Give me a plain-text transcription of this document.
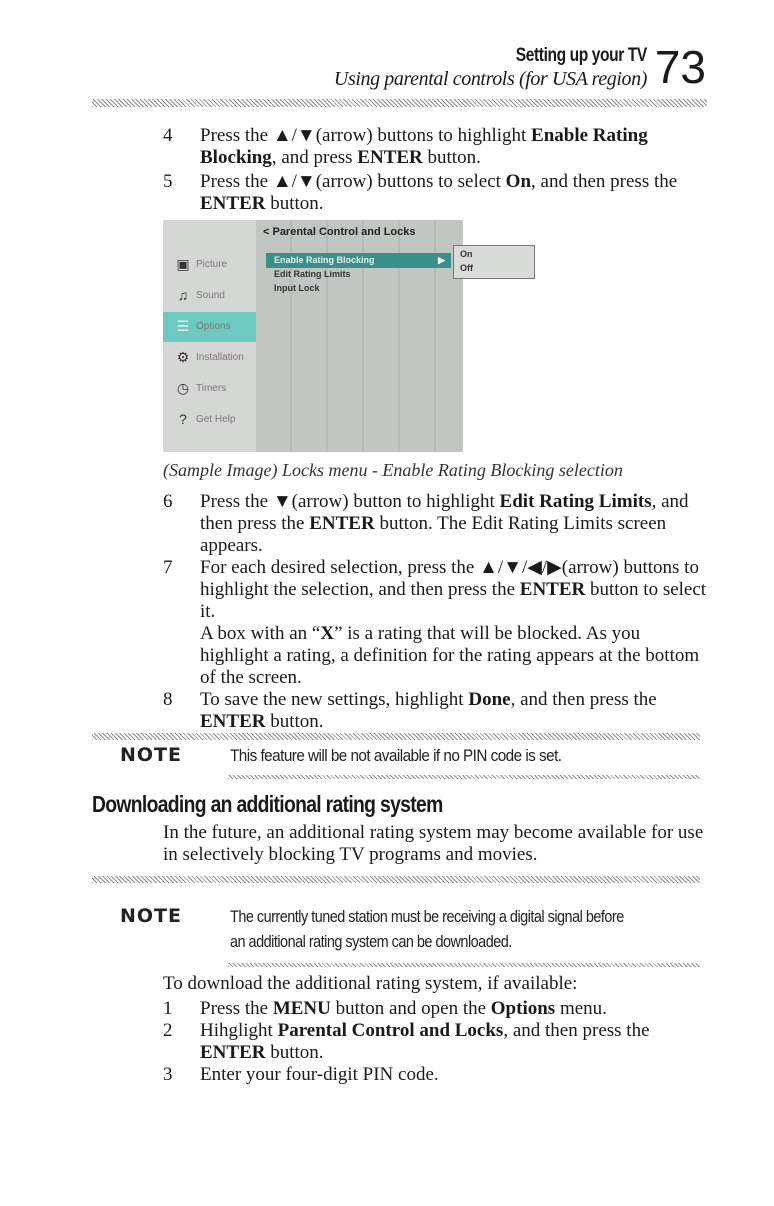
Setting up your TV
Using parental controls (for USA region) 73
4 Press the ▲/▼(arrow) buttons to highlight Enable Rating Blocking, and press ENTER button.

5 Press the ▲/▼(arrow) buttons to select On, and then press the ENTER button.

▣ Picture
♫ Sound
☰ Options
⚙ Installation
◷ Timers
? Get Help
< Parental Control and Locks
Enable Rating Blocking	▶
Edit Rating Limits
Input Lock
On
Off
(Sample Image) Locks menu - Enable Rating Blocking selection
6 Press the ▼(arrow) button to highlight Edit Rating Limits, and then press the ENTER button. The Edit Rating Limits screen appears.

7 For each desired selection, press the ▲/▼/◀/▶(arrow) buttons to highlight the selection, and then press the ENTER button to select it.

A box with an “X” is a rating that will be blocked. As you highlight a rating, a definition for the rating appears at the bottom of the screen.

8 To save the new settings, highlight Done, and then press the ENTER button.

NOTE	This feature will be not available if no PIN code is set.
Downloading an additional rating system
In the future, an additional rating system may become available for use in selectively blocking TV programs and movies.
NOTE	The currently tuned station must be receiving a digital signal before
an additional rating system can be downloaded.
To download the additional rating system, if available:
1 Press the MENU button and open the Options menu.

2 Hihglight Parental Control and Locks, and then press the ENTER button.

3 Enter your four-digit PIN code.
